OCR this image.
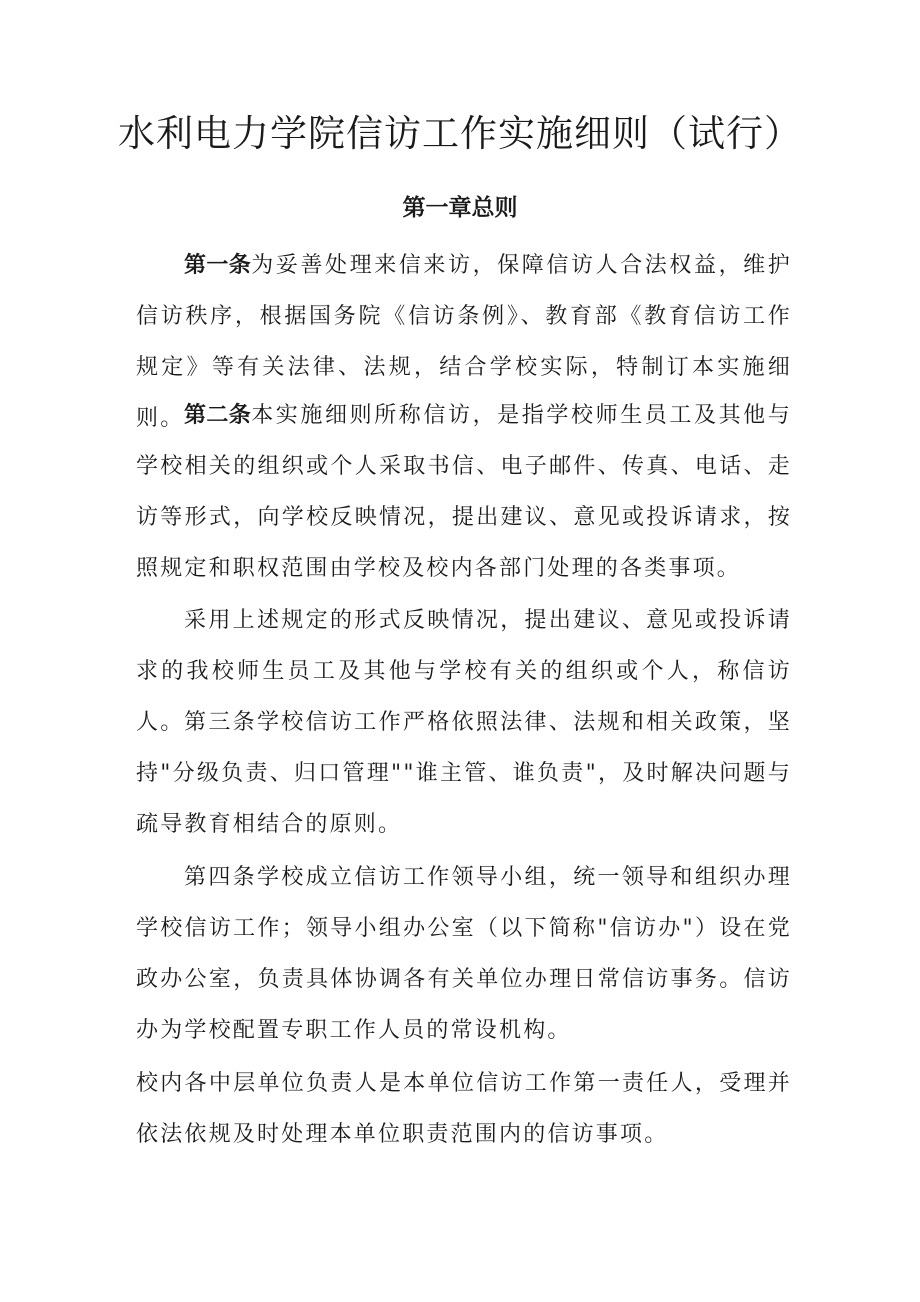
水利电力学院信访工作实施细则（试行）
第一章总则

第一条为妥善处理来信来访，保障信访人合法权益，维护信访秩序，根据国务院《信访条例》、教育部《教育信访工作规定》等有关法律、法规，结合学校实际，特制订本实施细则。 第二条本实施细则所称信访，是指学校师生员工及其他与学校相关的组织或个人采取书信、电子邮件、传真、电话、走访等形式，向学校反映情况，提出建议、意见或投诉请求，按照规定和职权范围由学校及校内各部门处理的各类事项。

采用上述规定的形式反映情况，提出建议、意见或投诉请求的我校师生员工及其他与学校有关的组织或个人，称信访人。 第三条学校信访工作严格依照法律、法规和相关政策，坚持"分级负责、归口管理""谁主管、谁负责"，及时解决问题与疏导教育相结合的原则。

第四条学校成立信访工作领导小组，统一领导和组织办理学校信访工作；领导小组办公室（以下简称"信访办"）设在党政办公室，负责具体协调各有关单位办理日常信访事务。信访办为学校配置专职工作人员的常设机构。

校内各中层单位负责人是本单位信访工作第一责任人，受理并依法依规及时处理本单位职责范围内的信访事项。
